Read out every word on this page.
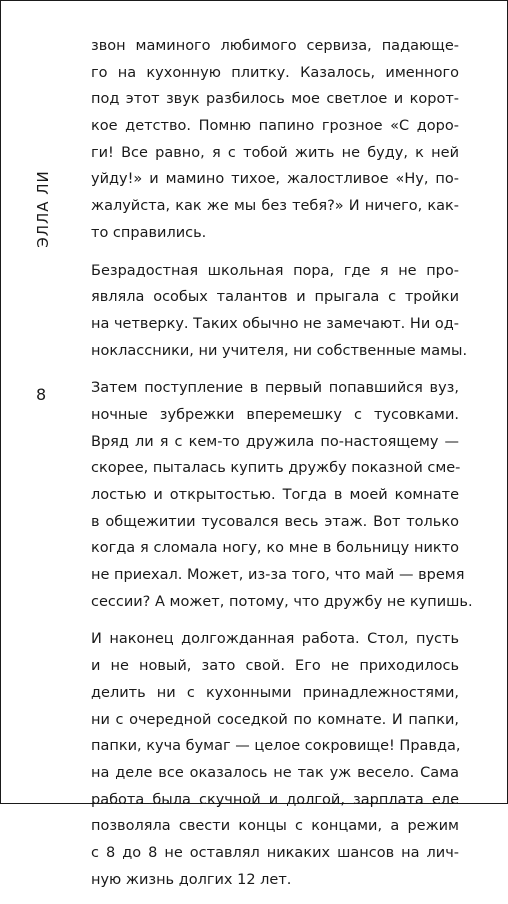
ЭЛЛА ЛИ
8
звон маминого любимого сервиза, падающе-
го на кухонную плитку. Казалось, именного
под этот звук разбилось мое светлое и корот-
кое детство. Помню папино грозное «С доро-
ги! Все равно, я с тобой жить не буду, к ней
уйду!» и мамино тихое, жалостливое «Ну, по-
жалуйста, как же мы без тебя?» И ничего, как-
то справились.
Безрадостная школьная пора, где я не про-
являла особых талантов и прыгала с тройки
на четверку. Таких обычно не замечают. Ни од-
ноклассники, ни учителя, ни собственные мамы.
Затем поступление в первый попавшийся вуз,
ночные зубрежки вперемешку с тусовками.
Вряд ли я с кем-то дружила по-настоящему —
скорее, пыталась купить дружбу показной сме-
лостью и открытостью. Тогда в моей комнате
в общежитии тусовался весь этаж. Вот только
когда я сломала ногу, ко мне в больницу никто
не приехал. Может, из-за того, что май — время
сессии? А может, потому, что дружбу не купишь.
И наконец долгожданная работа. Стол, пусть
и не новый, зато свой. Его не приходилось
делить ни с кухонными принадлежностями,
ни с очередной соседкой по комнате. И папки,
папки, куча бумаг — целое сокровище! Правда,
на деле все оказалось не так уж весело. Сама
работа была скучной и долгой, зарплата еле
позволяла свести концы с концами, а режим
с 8 до 8 не оставлял никаких шансов на лич-
ную жизнь долгих 12 лет.
